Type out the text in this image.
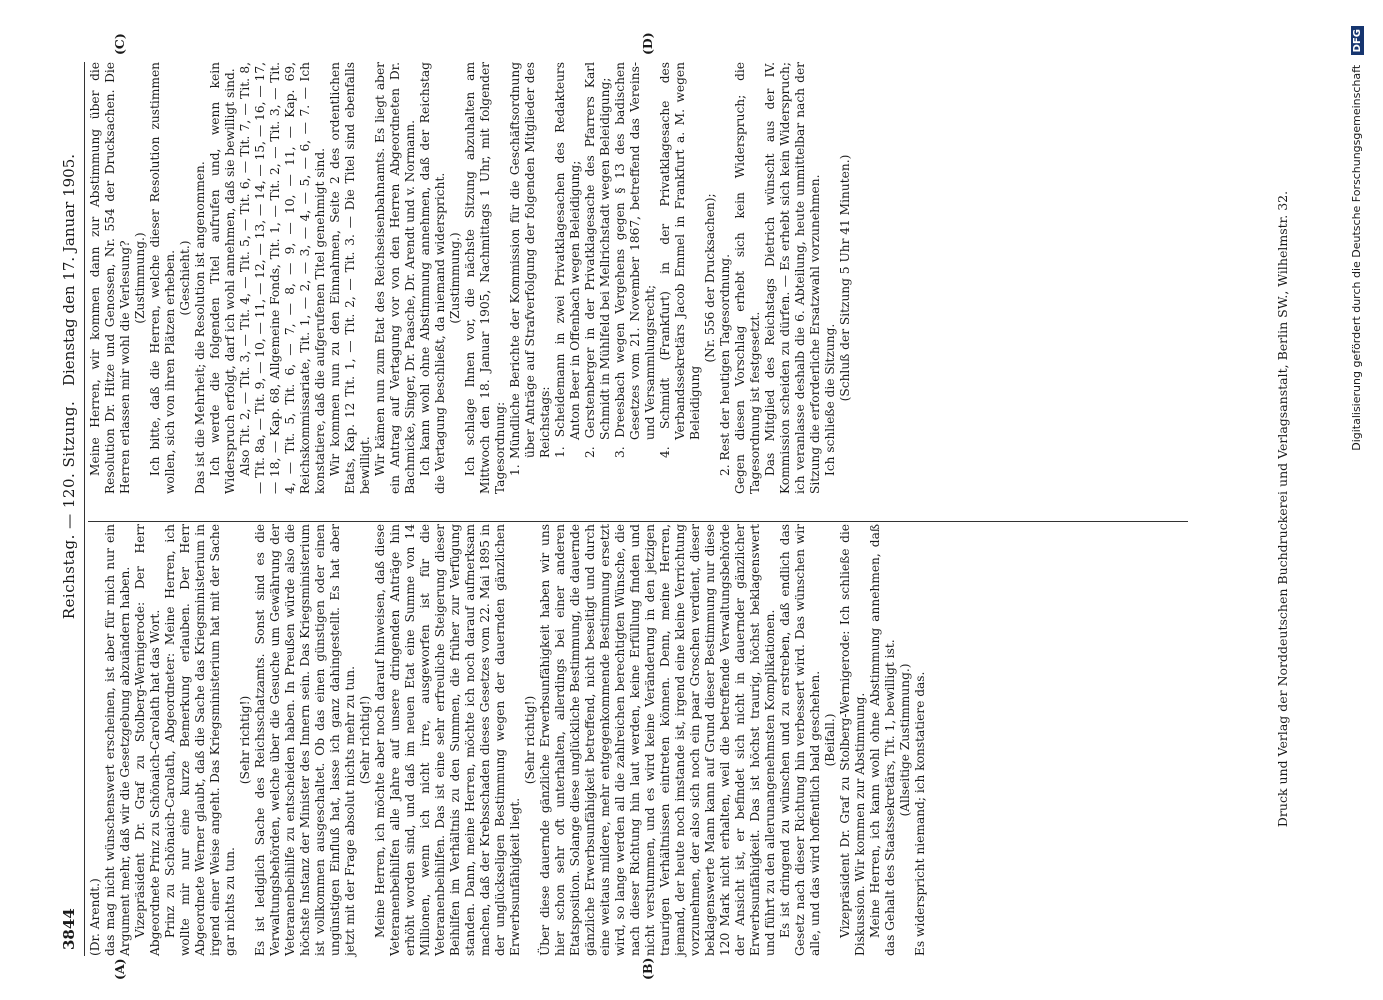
3844
Reichstag. — 120. Sitzung.
Dienstag den 17. Januar 1905.
(A)	(B)
(C)	(D)

(Dr. Arendt.) das mag nicht wünschenswert erscheinen, ist aber für mich nur ein Argument mehr, daß wir die Gesetzgebung abzuändern haben. Vizepräsident Dr. Graf zu Stolberg-Wernigerode: Der Herr Abgeordnete Prinz zu Schönaich-Carolath hat das Wort. Prinz zu Schönaich-Carolath, Abgeordneter: Meine Herren, ich wollte mir nur eine kurze Bemerkung erlauben. Der Herr Abgeordnete Werner glaubt, daß die Sache das Kriegsministerium in irgend einer Weise angeht. Das Kriegsministerium hat mit der Sache gar nichts zu tun.

(Sehr richtig!) Es ist lediglich Sache des Reichsschatzamts. Sonst sind es die Verwaltungsbehörden, welche über die Gesuche um Gewährung der Veteranenbeihilfe zu entscheiden haben. In Preußen würde also die höchste Instanz der Minister des Innern sein. Das Kriegsministerium ist vollkommen ausgeschaltet. Ob das einen günstigen oder einen ungünstigen Einfluß hat, lasse ich ganz dahingestellt. Es hat aber jetzt mit der Frage absolut nichts mehr zu tun. (Sehr richtig!) Meine Herren, ich möchte aber noch darauf hinweisen, daß diese Veteranenbeihilfen alle Jahre auf unsere dringenden Anträge hin erhöht worden sind, und daß im neuen Etat eine Summe von 14 Millionen, wenn ich nicht irre, ausgeworfen ist für die Veteranenbeihilfen. Das ist eine sehr erfreuliche Steigerung dieser Beihilfen im Verhältnis zu den Summen, die früher zur Verfügung standen. Dann, meine Herren, möchte ich noch darauf aufmerksam machen, daß der Krebsschaden dieses Gesetzes vom 22. Mai 1895 in der unglückseligen Bestimmung wegen der dauernden gänzlichen Erwerbsunfähigkeit liegt.

(Sehr richtig!) Über diese dauernde gänzliche Erwerbsunfähigkeit haben wir uns hier schon sehr oft unterhalten, allerdings bei einer anderen Etatsposition. Solange diese unglückliche Bestimmung, die dauernde gänzliche Erwerbsunfähigkeit betreffend, nicht beseitigt und durch eine weitaus mildere, mehr entgegenkommende Bestimmung ersetzt wird, so lange werden all die zahlreichen berechtigten Wünsche, die nach dieser Richtung hin laut werden, keine Erfüllung finden und nicht verstummen, und es wird keine Veränderung in den jetzigen traurigen Verhältnissen eintreten können. Denn, meine Herren, jemand, der heute noch imstande ist, irgend eine kleine Verrichtung vorzunehmen, der also sich noch ein paar Groschen verdient, dieser beklagenswerte Mann kann auf Grund dieser Bestimmung nur diese 120 Mark nicht erhalten, weil die betreffende Verwaltungsbehörde der Ansicht ist, er befindet sich nicht in dauernder gänzlicher Erwerbsunfähigkeit. Das ist höchst traurig, höchst beklagenswert und führt zu den allerunangenehmsten Komplikationen. Es ist dringend zu wünschen und zu erstreben, daß endlich das Gesetz nach dieser Richtung hin verbessert wird. Das wünschen wir alle, und das wird hoffentlich bald geschehen. (Beifall.) Vizepräsident Dr. Graf zu Stolberg-Wernigerode: Ich schließe die Diskussion. Wir kommen zur Abstimmung. Meine Herren, ich kann wohl ohne Abstimmung annehmen, daß das Gehalt des Staatssekretärs, Tit. 1, bewilligt ist. (Allseitige Zustimmung.) Es widerspricht niemand; ich konstatiere das.

Meine Herren, wir kommen dann zur Abstimmung über die Resolution Dr. Hitze und Genossen, Nr. 554 der Drucksachen. Die Herren erlassen mir wohl die Verlesung? (Zustimmung.) Ich bitte, daß die Herren, welche dieser Resolution zustimmen wollen, sich von ihren Plätzen erheben. (Geschieht.) Das ist die Mehrheit; die Resolution ist angenommen. Ich werde die folgenden Titel aufrufen und, wenn kein Widerspruch erfolgt, darf ich wohl annehmen, daß sie bewilligt sind. Also Tit. 2, — Tit. 3, — Tit. 4, — Tit. 5, — Tit. 6, — Tit. 7, — Tit. 8, — Tit. 8a, — Tit. 9, — 10, — 11, — 12, — 13, — 14, — 15, — 16, — 17, — 18, — Kap. 68, Allgemeine Fonds, Tit. 1, — Tit. 2, — Tit. 3, — Tit. 4, — Tit. 5, Tit. 6, — 7, — 8, — 9, — 10, — 11, — Kap. 69, Reichskommissariate, Tit. 1, — 2, — 3, — 4, — 5, — 6, — 7. — Ich konstatiere, daß die aufgerufenen Titel genehmigt sind. Wir kommen nun zu den Einnahmen, Seite 2 des ordentlichen Etats, Kap. 12 Tit. 1, — Tit. 2, — Tit. 3. — Die Titel sind ebenfalls bewilligt. Wir kämen nun zum Etat des Reichseisenbahnamts. Es liegt aber ein Antrag auf Vertagung vor von den Herren Abgeordneten Dr. Bachmicke, Singer, Dr. Paasche, Dr. Arendt und v. Normann. Ich kann wohl ohne Abstimmung annehmen, daß der Reichstag die Vertagung beschließt, da niemand widerspricht. (Zustimmung.) Ich schlage Ihnen vor, die nächste Sitzung abzuhalten am Mittwoch den 18. Januar 1905, Nachmittags 1 Uhr, mit folgender Tagesordnung: 1. Mündliche Berichte der Kommission für die Geschäftsordnung über Anträge auf Strafverfolgung der folgenden Mitglieder des Reichstags: 1. Scheidemann in zwei Privatklagesachen des Redakteurs Anton Beer in Offenbach wegen Beleidigung; 2. Gerstenberger in der Privatklagesache des Pfarrers Karl Schmidt in Mühlfeld bei Mellrichstadt wegen Beleidigung; 3. Dreesbach wegen Vergehens gegen § 13 des badischen Gesetzes vom 21. November 1867, betreffend das Vereins- und Versammlungsrecht; 4. Schmidt (Frankfurt) in der Privatklagesache des Verbandssekretärs Jacob Emmel in Frankfurt a. M. wegen Beleidigung

(Nr. 556 der Drucksachen); 2. Rest der heutigen Tagesordnung. Gegen diesen Vorschlag erhebt sich kein Widerspruch; die Tagesordnung ist festgesetzt. Das Mitglied des Reichstags Dietrich wünscht aus der IV. Kommission scheiden zu dürfen. — Es erhebt sich kein Widerspruch; ich veranlasse deshalb die 6. Abteilung, heute unmittelbar nach der Sitzung die erforderliche Ersatzwahl vorzunehmen. Ich schließe die Sitzung. (Schluß der Sitzung 5 Uhr 41 Minuten.)	Druck und Verlag der Norddeutschen Buchdruckerei und Verlagsanstalt, Berlin SW., Wilhelmstr. 32.	Digitalisierung gefördert durch die Deutsche Forschungsgemeinschaft DFG
